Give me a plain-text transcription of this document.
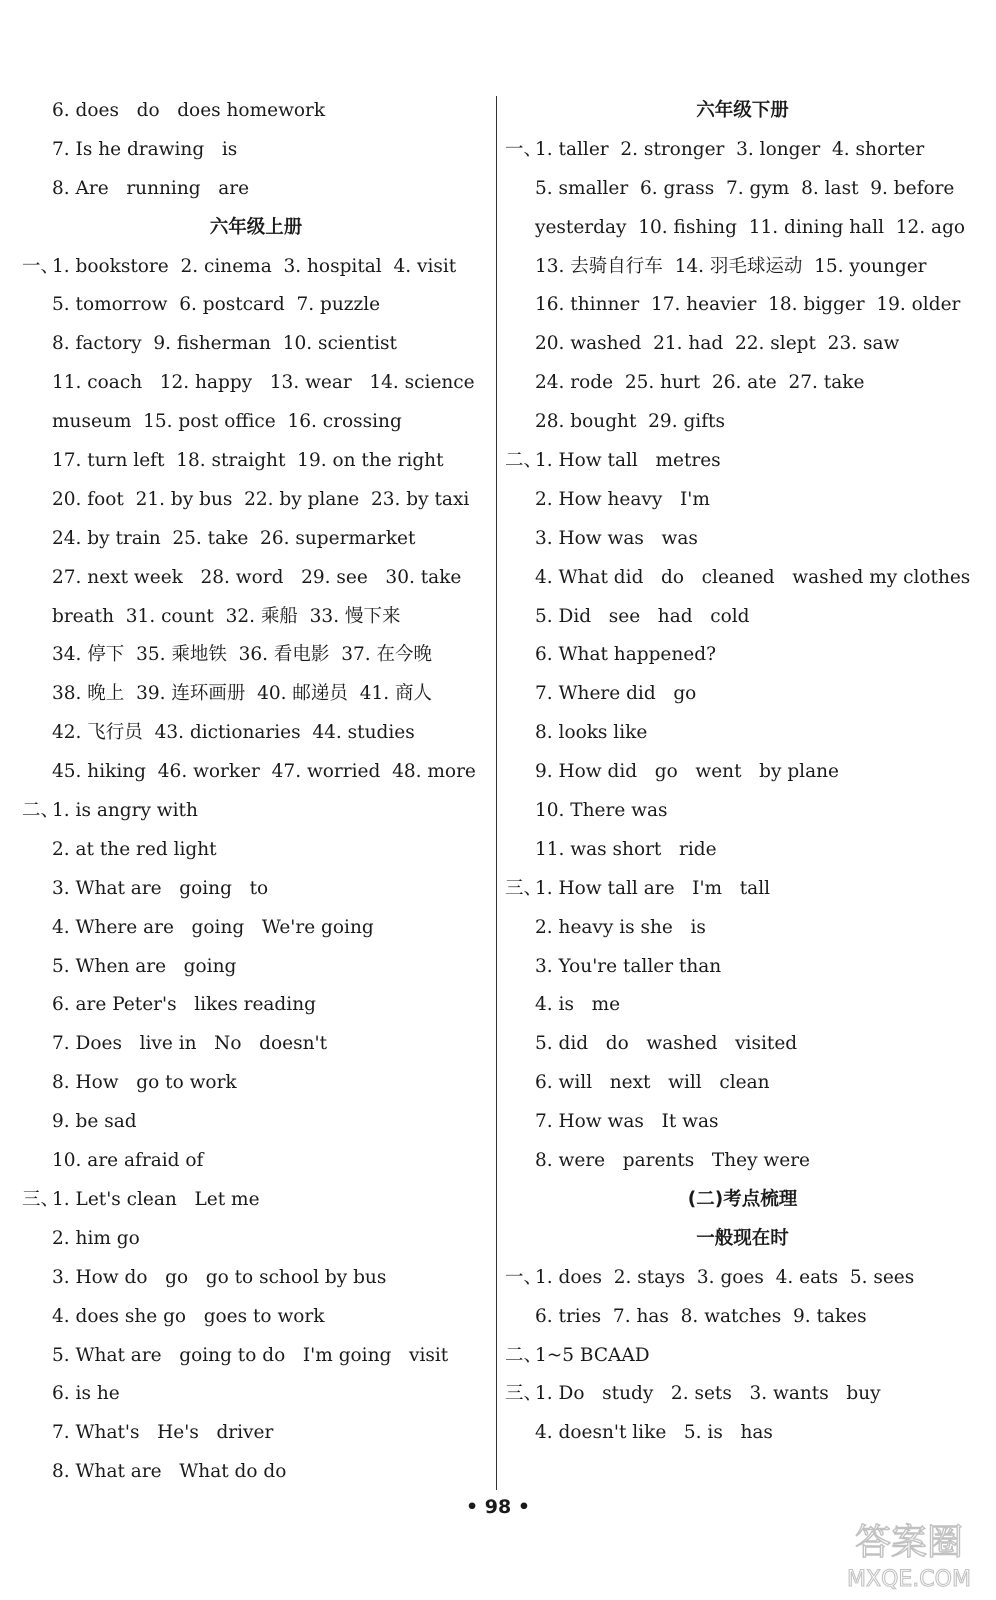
6. does   do   does homework
7. Is he drawing   is
8. Are   running   are
六年级上册
一、1. bookstore  2. cinema  3. hospital  4. visit
5. tomorrow  6. postcard  7. puzzle
8. factory  9. fisherman  10. scientist
11. coach   12. happy   13. wear   14. science
museum  15. post office  16. crossing
17. turn left  18. straight  19. on the right
20. foot  21. by bus  22. by plane  23. by taxi
24. by train  25. take  26. supermarket
27. next week   28. word   29. see   30. take
breath  31. count  32. 乘船  33. 慢下来
34. 停下  35. 乘地铁  36. 看电影  37. 在今晚
38. 晚上  39. 连环画册  40. 邮递员  41. 商人
42. 飞行员  43. dictionaries  44. studies
45. hiking  46. worker  47. worried  48. more
二、1. is angry with
2. at the red light
3. What are   going   to
4. Where are   going   We're going
5. When are   going
6. are Peter's   likes reading
7. Does   live in   No   doesn't
8. How   go to work
9. be sad
10. are afraid of
三、1. Let's clean   Let me
2. him go
3. How do   go   go to school by bus
4. does she go   goes to work
5. What are   going to do   I'm going   visit
6. is he
7. What's   He's   driver
8. What are   What do do
六年级下册
一、1. taller  2. stronger  3. longer  4. shorter
5. smaller  6. grass  7. gym  8. last  9. before
yesterday  10. fishing  11. dining hall  12. ago
13. 去骑自行车  14. 羽毛球运动  15. younger
16. thinner  17. heavier  18. bigger  19. older
20. washed  21. had  22. slept  23. saw
24. rode  25. hurt  26. ate  27. take
28. bought  29. gifts
二、1. How tall   metres
2. How heavy   I'm
3. How was   was
4. What did   do   cleaned   washed my clothes
5. Did   see   had   cold
6. What happened?
7. Where did   go
8. looks like
9. How did   go   went   by plane
10. There was
11. was short   ride
三、1. How tall are   I'm   tall
2. heavy is she   is
3. You're taller than
4. is   me
5. did   do   washed   visited
6. will   next   will   clean
7. How was   It was
8. were   parents   They were
(二)考点梳理
一般现在时
一、1. does  2. stays  3. goes  4. eats  5. sees
6. tries  7. has  8. watches  9. takes
二、1~5 BCAAD
三、1. Do   study   2. sets   3. wants   buy
4. doesn't like   5. is   has
• 98 •
答案圈
MXQE.COM
